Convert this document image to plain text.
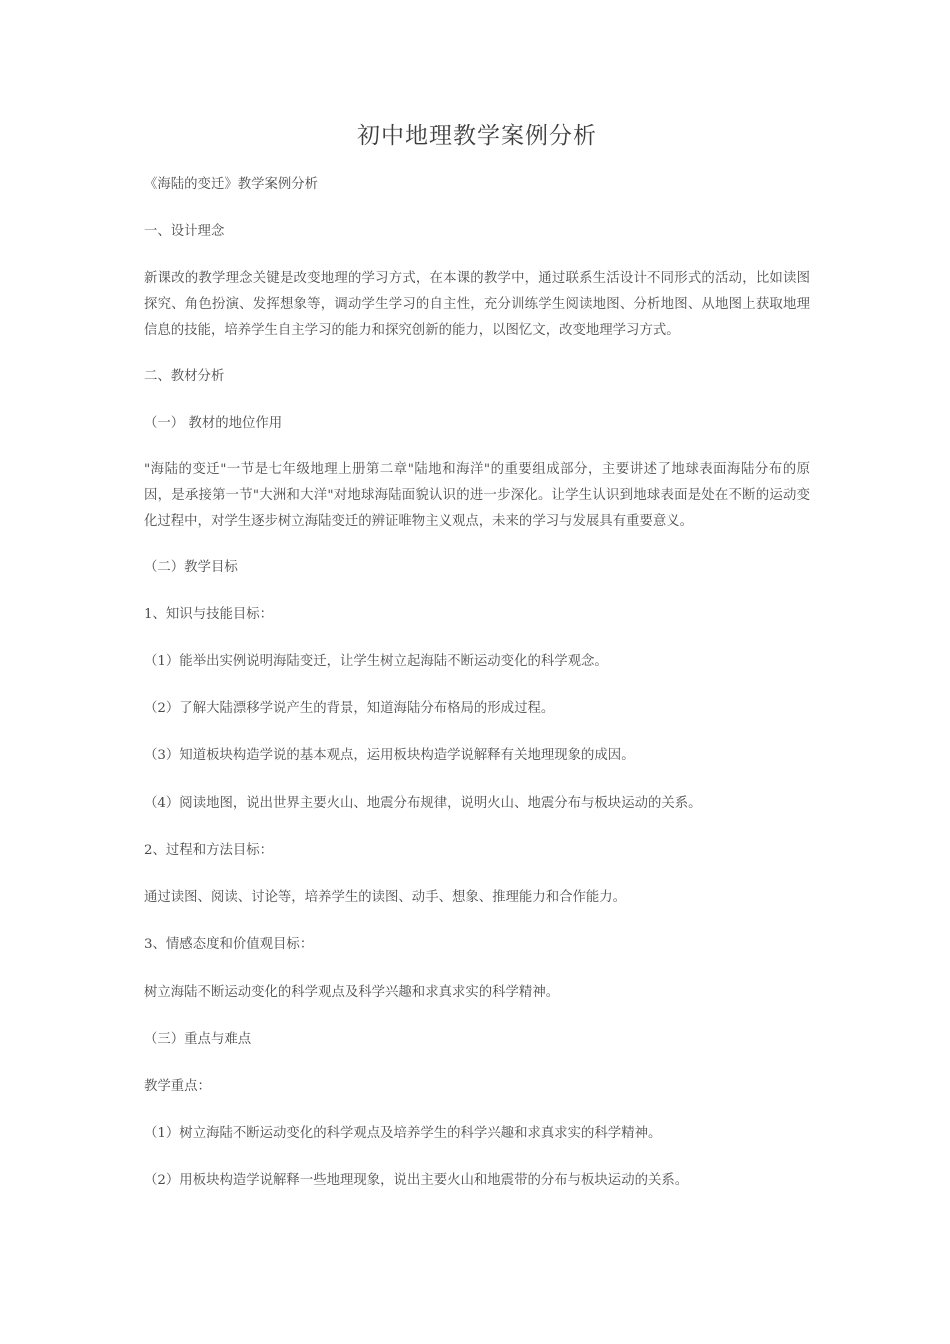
初中地理教学案例分析
《海陆的变迁》教学案例分析
一、设计理念
新课改的教学理念关键是改变地理的学习方式，在本课的教学中，通过联系生活设计不同形式的活动，比如读图探究、角色扮演、发挥想象等，调动学生学习的自主性，充分训练学生阅读地图、分析地图、从地图上获取地理信息的技能，培养学生自主学习的能力和探究创新的能力，以图忆文，改变地理学习方式。
二、教材分析
（一） 教材的地位作用
"海陆的变迁"一节是七年级地理上册第二章"陆地和海洋"的重要组成部分，主要讲述了地球表面海陆分布的原因，是承接第一节"大洲和大洋"对地球海陆面貌认识的进一步深化。让学生认识到地球表面是处在不断的运动变化过程中，对学生逐步树立海陆变迁的辨证唯物主义观点，未来的学习与发展具有重要意义。
（二）教学目标
1、知识与技能目标：
（1）能举出实例说明海陆变迁，让学生树立起海陆不断运动变化的科学观念。
（2）了解大陆漂移学说产生的背景，知道海陆分布格局的形成过程。
（3）知道板块构造学说的基本观点，运用板块构造学说解释有关地理现象的成因。
（4）阅读地图，说出世界主要火山、地震分布规律，说明火山、地震分布与板块运动的关系。
2、过程和方法目标：
通过读图、阅读、讨论等，培养学生的读图、动手、想象、推理能力和合作能力。
3、情感态度和价值观目标：
树立海陆不断运动变化的科学观点及科学兴趣和求真求实的科学精神。
（三）重点与难点
教学重点：
（1）树立海陆不断运动变化的科学观点及培养学生的科学兴趣和求真求实的科学精神。
（2）用板块构造学说解释一些地理现象，说出主要火山和地震带的分布与板块运动的关系。
